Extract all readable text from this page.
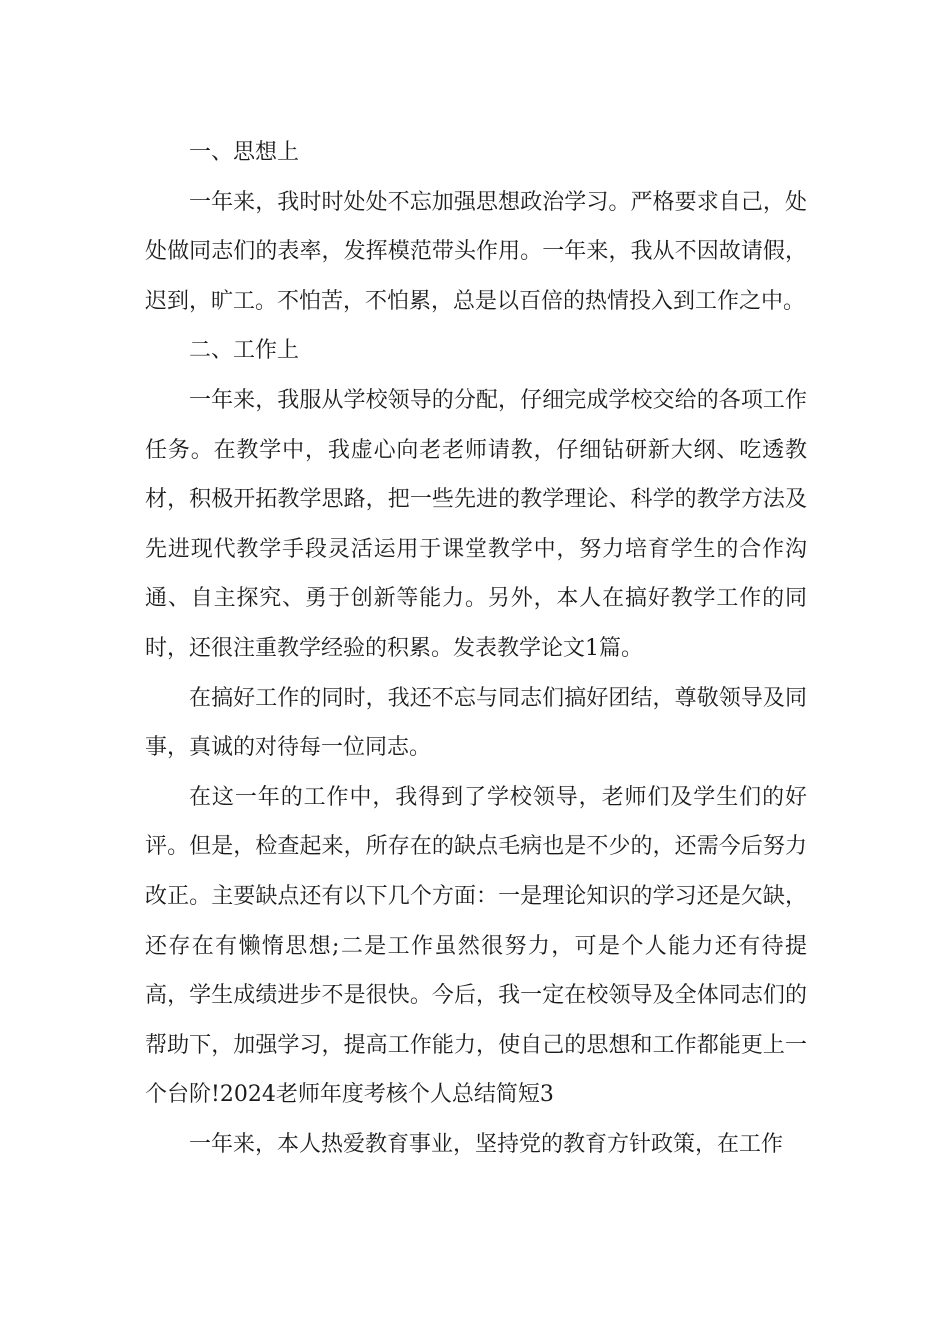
一、思想上

一年来，我时时处处不忘加强思想政治学习。严格要求自己，处处做同志们的表率，发挥模范带头作用。一年来，我从不因故请假，迟到，旷工。不怕苦，不怕累，总是以百倍的热情投入到工作之中。

二、工作上

一年来，我服从学校领导的分配，仔细完成学校交给的各项工作任务。在教学中，我虚心向老老师请教，仔细钻研新大纲、吃透教材，积极开拓教学思路，把一些先进的教学理论、科学的教学方法及先进现代教学手段灵活运用于课堂教学中，努力培育学生的合作沟通、自主探究、勇于创新等能力。另外，本人在搞好教学工作的同时，还很注重教学经验的积累。发表教学论文1篇。

在搞好工作的同时，我还不忘与同志们搞好团结，尊敬领导及同事，真诚的对待每一位同志。

在这一年的工作中，我得到了学校领导，老师们及学生们的好评。但是，检查起来，所存在的缺点毛病也是不少的，还需今后努力改正。主要缺点还有以下几个方面：一是理论知识的学习还是欠缺，还存在有懒惰思想;二是工作虽然很努力，可是个人能力还有待提高，学生成绩进步不是很快。今后，我一定在校领导及全体同志们的帮助下，加强学习，提高工作能力，使自己的思想和工作都能更上一个台阶!2024老师年度考核个人总结简短3

一年来，本人热爱教育事业，坚持党的教育方针政策，在工作
